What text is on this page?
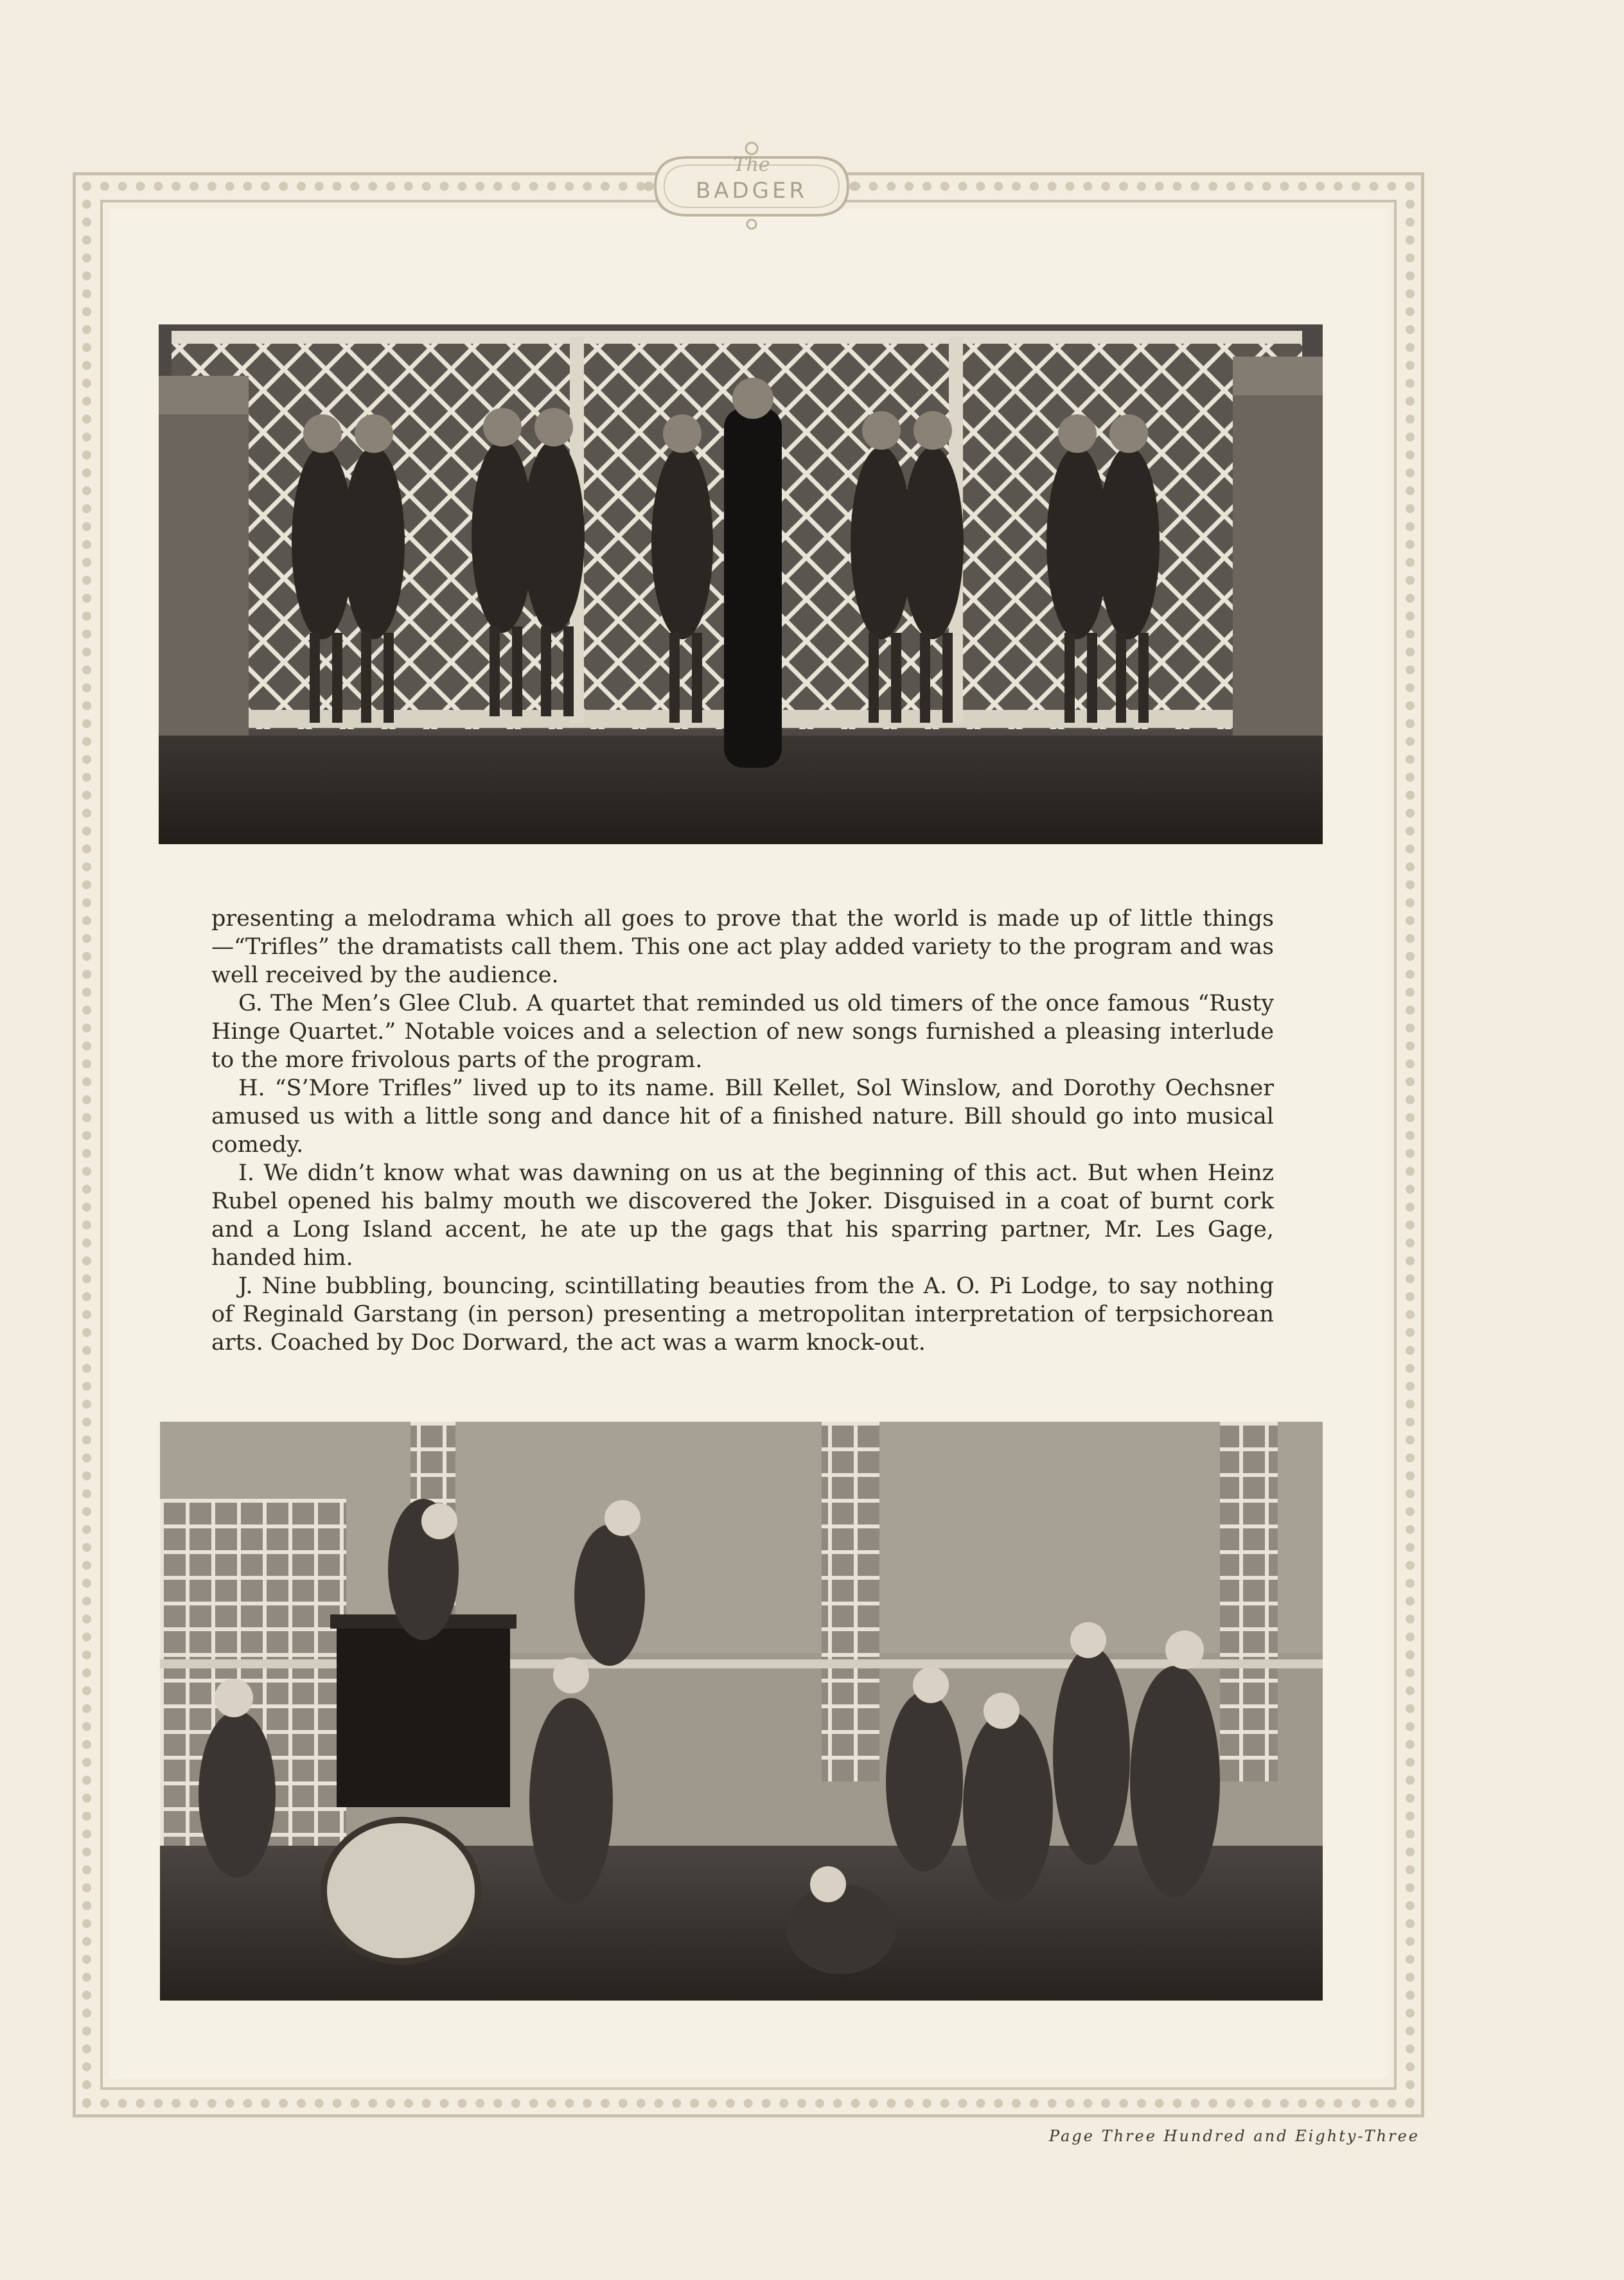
The
BADGER

presenting a melodrama which all goes to prove that the world is made up of little things—“Trifles” the dramatists call them. This one act play added variety to the program and was well received by the audience.

G. The Men’s Glee Club. A quartet that reminded us old timers of the once famous “Rusty Hinge Quartet.” Notable voices and a selection of new songs furnished a pleasing interlude to the more frivolous parts of the program.

H. “S’More Trifles” lived up to its name. Bill Kellet, Sol Winslow, and Dorothy Oechsner amused us with a little song and dance hit of a finished nature. Bill should go into musical comedy.

I. We didn’t know what was dawning on us at the beginning of this act. But when Heinz Rubel opened his balmy mouth we discovered the Joker. Disguised in a coat of burnt cork and a Long Island accent, he ate up the gags that his sparring partner, Mr. Les Gage, handed him.

J. Nine bubbling, bouncing, scintillating beauties from the A. O. Pi Lodge, to say nothing of Reginald Garstang (in person) presenting a metropolitan interpretation of terpsichorean arts. Coached by Doc Dorward, the act was a warm knock-out.

Page Three Hundred and Eighty-Three
